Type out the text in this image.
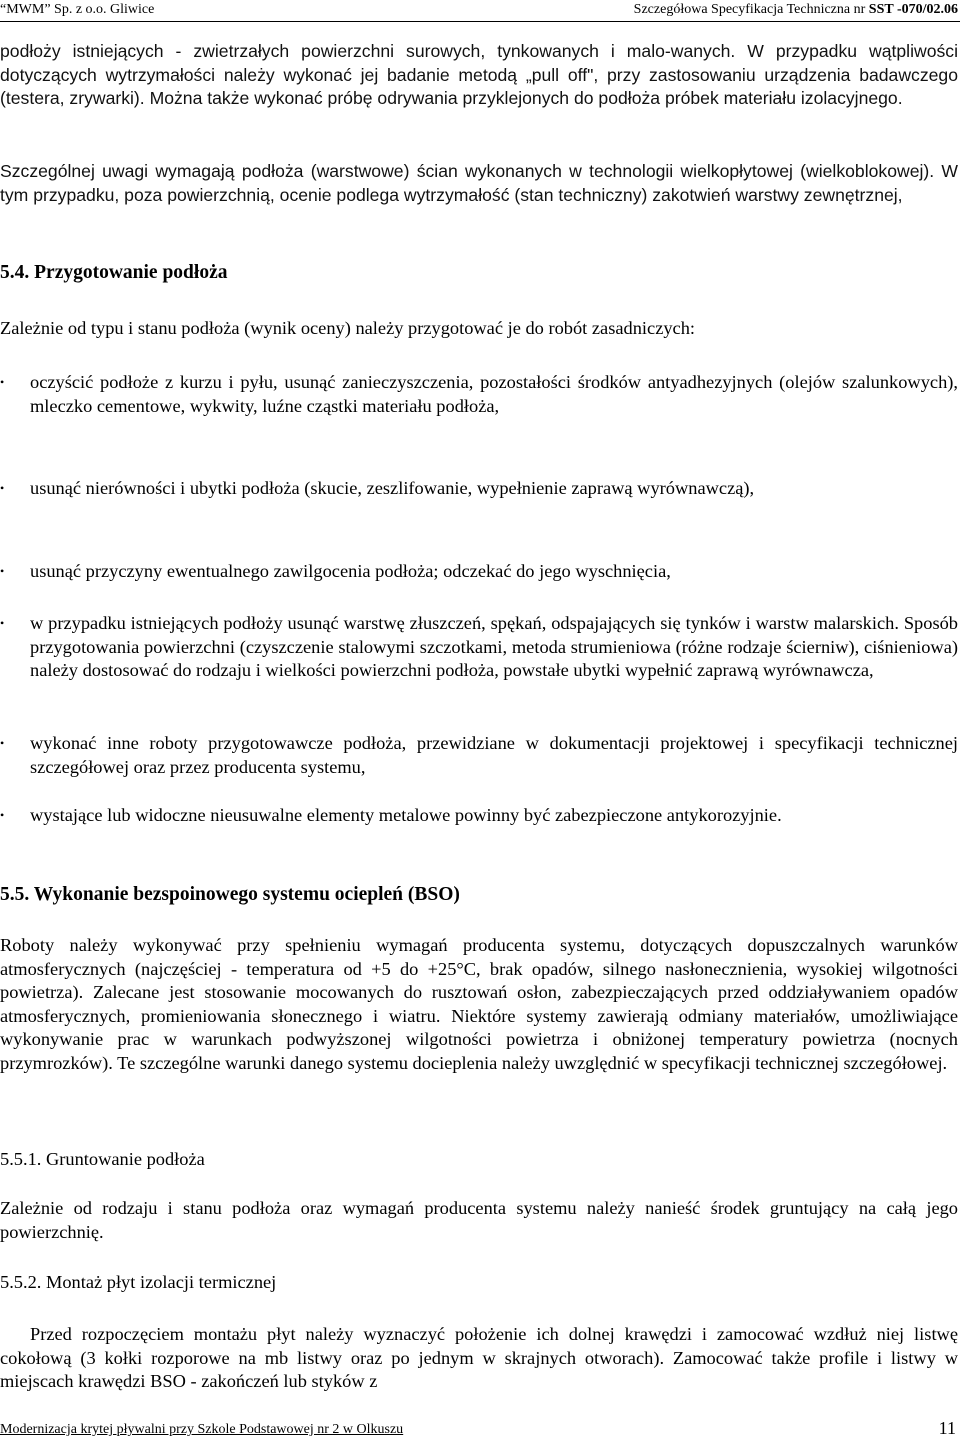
“MWM” Sp. z o.o. Gliwice	Szczegółowa Specyfikacja Techniczna nr SST -070/02.06

podłoży istniejących - zwietrzałych powierzchni surowych, tynkowanych i malo-wanych. W przypadku wątpliwości dotyczących wytrzymałości należy wykonać jej badanie metodą „pull off", przy zastosowaniu urządzenia badawczego (testera, zrywarki). Można także wykonać próbę odrywania przyklejonych do podłoża próbek materiału izolacyjnego.

Szczególnej uwagi wymagają podłoża (warstwowe) ścian wykonanych w technologii wielkopłytowej (wielkoblokowej). W tym przypadku, poza powierzchnią, ocenie podlega wytrzymałość (stan techniczny) zakotwień warstwy zewnętrznej,

5.4. Przygotowanie podłoża

Zależnie od typu i stanu podłoża (wynik oceny) należy przygotować je do robót zasadniczych:

• oczyścić podłoże z kurzu i pyłu, usunąć zanieczyszczenia, pozostałości środków antyadhezyjnych (olejów szalunkowych), mleczko cementowe, wykwity, luźne cząstki materiału podłoża,

• usunąć nierówności i ubytki podłoża (skucie, zeszlifowanie, wypełnienie zaprawą wyrównawczą),

• usunąć przyczyny ewentualnego zawilgocenia podłoża; odczekać do jego wyschnięcia,

• w przypadku istniejących podłoży usunąć warstwę złuszczeń, spękań, odspajających się tynków i warstw malarskich. Sposób przygotowania powierzchni (czyszczenie stalowymi szczotkami, metoda strumieniowa (różne rodzaje ścierniw), ciśnieniowa) należy dostosować do rodzaju i wielkości powierzchni podłoża, powstałe ubytki wypełnić zaprawą wyrównawcza,

• wykonać inne roboty przygotowawcze podłoża, przewidziane w dokumentacji projektowej i specyfikacji technicznej szczegółowej oraz przez producenta systemu,

• wystające lub widoczne nieusuwalne elementy metalowe powinny być zabezpieczone antykorozyjnie.

5.5. Wykonanie bezspoinowego systemu ociepleń (BSO)

Roboty należy wykonywać przy spełnieniu wymagań producenta systemu, dotyczących dopuszczalnych warunków atmosferycznych (najczęściej - temperatura od +5 do +25°C, brak opadów, silnego nasłonecznienia, wysokiej wilgotności powietrza). Zalecane jest stosowanie mocowanych do rusztowań osłon, zabezpieczających przed oddziaływaniem opadów atmosferycznych, promieniowania słonecznego i wiatru. Niektóre systemy zawierają odmiany materiałów, umożliwiające wykonywanie prac w warunkach podwyższonej wilgotności powietrza i obniżonej temperatury powietrza (nocnych przymrozków). Te szczególne warunki danego systemu docieplenia należy uwzględnić w specyfikacji technicznej szczegółowej.

5.5.1. Gruntowanie podłoża

Zależnie od rodzaju i stanu podłoża oraz wymagań producenta systemu należy nanieść środek gruntujący na całą jego powierzchnię.

5.5.2. Montaż płyt izolacji termicznej

Przed rozpoczęciem montażu płyt należy wyznaczyć położenie ich dolnej krawędzi i zamocować wzdłuż niej listwę cokołową (3 kołki rozporowe na mb listwy oraz po jednym w skrajnych otworach). Zamocować także profile i listwy w miejscach krawędzi BSO - zakończeń lub styków z

Modernizacja krytej pływalni przy Szkole Podstawowej nr 2 w Olkuszu	11
